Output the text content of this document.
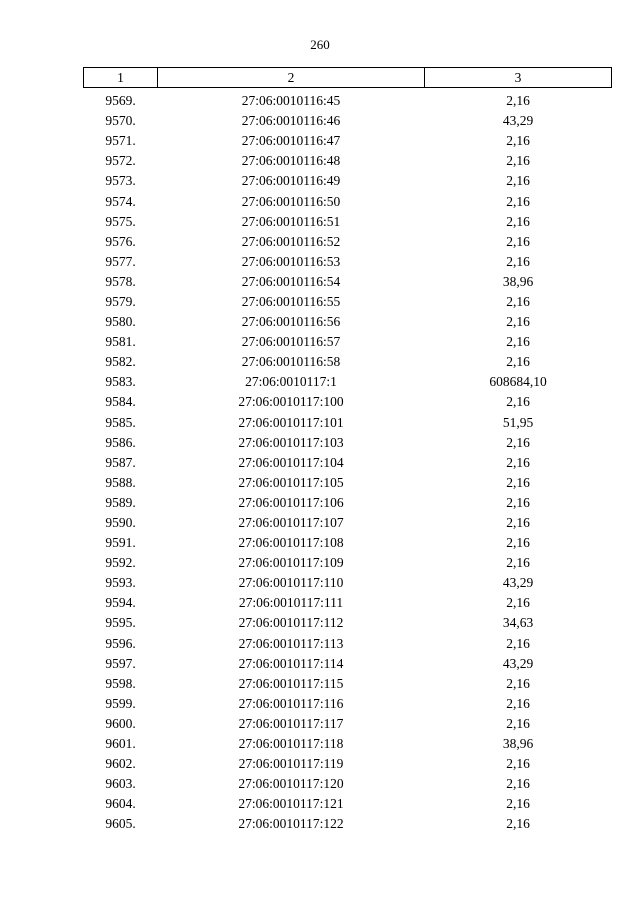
260
1	2	3
9569.	27:06:0010116:45	2,16
9570.	27:06:0010116:46	43,29
9571.	27:06:0010116:47	2,16
9572.	27:06:0010116:48	2,16
9573.	27:06:0010116:49	2,16
9574.	27:06:0010116:50	2,16
9575.	27:06:0010116:51	2,16
9576.	27:06:0010116:52	2,16
9577.	27:06:0010116:53	2,16
9578.	27:06:0010116:54	38,96
9579.	27:06:0010116:55	2,16
9580.	27:06:0010116:56	2,16
9581.	27:06:0010116:57	2,16
9582.	27:06:0010116:58	2,16
9583.	27:06:0010117:1	608684,10
9584.	27:06:0010117:100	2,16
9585.	27:06:0010117:101	51,95
9586.	27:06:0010117:103	2,16
9587.	27:06:0010117:104	2,16
9588.	27:06:0010117:105	2,16
9589.	27:06:0010117:106	2,16
9590.	27:06:0010117:107	2,16
9591.	27:06:0010117:108	2,16
9592.	27:06:0010117:109	2,16
9593.	27:06:0010117:110	43,29
9594.	27:06:0010117:111	2,16
9595.	27:06:0010117:112	34,63
9596.	27:06:0010117:113	2,16
9597.	27:06:0010117:114	43,29
9598.	27:06:0010117:115	2,16
9599.	27:06:0010117:116	2,16
9600.	27:06:0010117:117	2,16
9601.	27:06:0010117:118	38,96
9602.	27:06:0010117:119	2,16
9603.	27:06:0010117:120	2,16
9604.	27:06:0010117:121	2,16
9605.	27:06:0010117:122	2,16
